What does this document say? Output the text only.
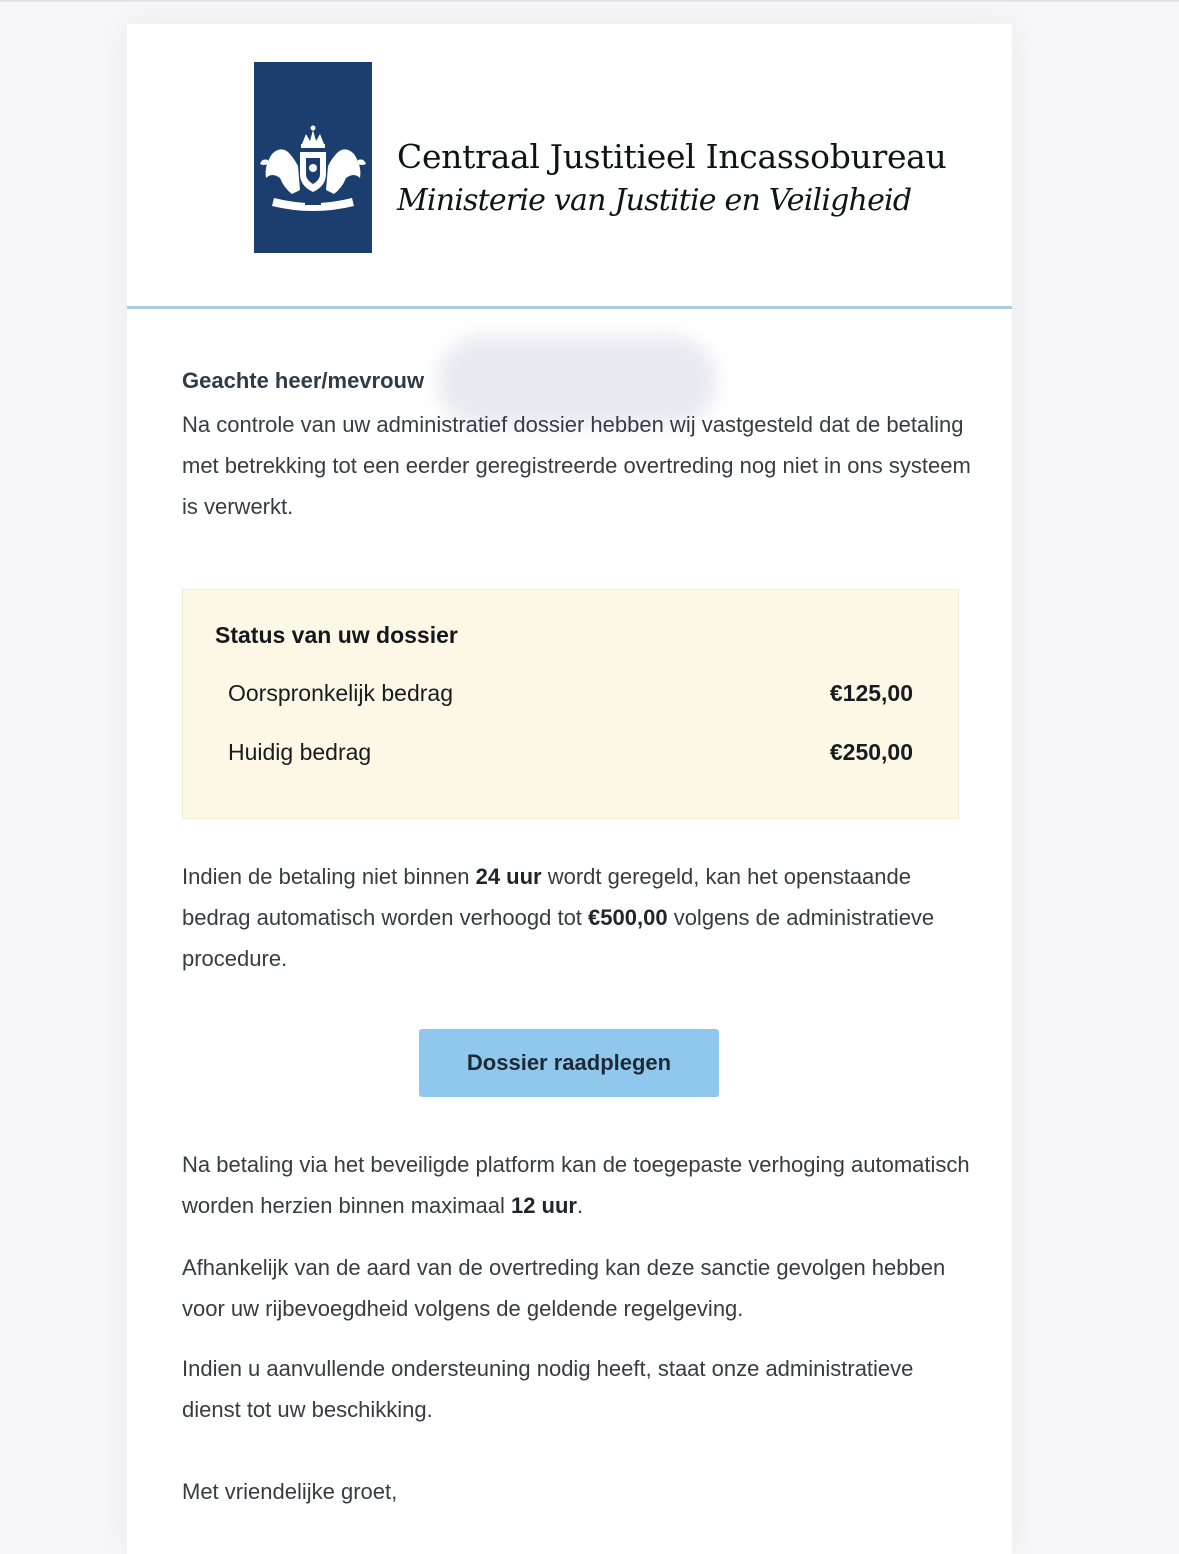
Centraal Justitieel Incassobureau
Ministerie van Justitie en Veiligheid
Geachte heer/mevrouw

Na controle van uw administratief dossier hebben wij vastgesteld dat de betaling met betrekking tot een eerder geregistreerde overtreding nog niet in ons systeem is verwerkt.

Status van uw dossier
Oorspronkelijk bedrag	€125,00
Huidig bedrag	€250,00

Indien de betaling niet binnen 24 uur wordt geregeld, kan het openstaande bedrag automatisch worden verhoogd tot €500,00 volgens de administratieve procedure.

Dossier raadplegen

Na betaling via het beveiligde platform kan de toegepaste verhoging automatisch worden herzien binnen maximaal 12 uur.

Afhankelijk van de aard van de overtreding kan deze sanctie gevolgen hebben voor uw rijbevoegdheid volgens de geldende regelgeving.

Indien u aanvullende ondersteuning nodig heeft, staat onze administratieve dienst tot uw beschikking.

Met vriendelijke groet,
